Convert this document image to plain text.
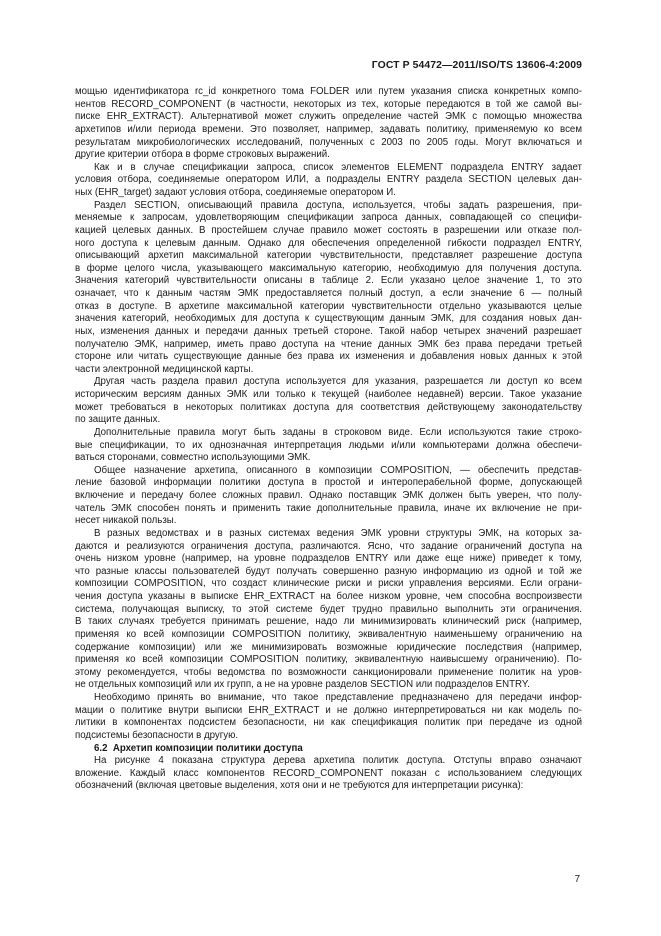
ГОСТ Р 54472—2011/ISO/TS 13606-4:2009
мощью идентификатора rc_id конкретного тома FOLDER или путем указания списка конкретных компо-
нентов RECORD_COMPONENT (в частности, некоторых из тех, которые передаются в той же самой вы-
писке EHR_EXTRACT). Альтернативой может служить определение частей ЭМК с помощью множества
архетипов и/или периода времени. Это позволяет, например, задавать политику, применяемую ко всем
результатам микробиологических исследований, полученных с 2003 по 2005 годы. Могут включаться и
другие критерии отбора в форме строковых выражений.
Как и в случае спецификации запроса, список элементов ELEMENT подраздела ENTRY задает
условия отбора, соединяемые оператором ИЛИ, а подразделы ENTRY раздела SECTION целевых дан-
ных (EHR_target) задают условия отбора, соединяемые оператором И.
Раздел SECTION, описывающий правила доступа, используется, чтобы задать разрешения, при-
меняемые к запросам, удовлетворяющим спецификации запроса данных, совпадающей со специфи-
кацией целевых данных. В простейшем случае правило может состоять в разрешении или отказе пол-
ного доступа к целевым данным. Однако для обеспечения определенной гибкости подраздел ENTRY,
описывающий архетип максимальной категории чувствительности, представляет разрешение доступа
в форме целого числа, указывающего максимальную категорию, необходимую для получения доступа.
Значения категорий чувствительности описаны в таблице 2. Если указано целое значение 1, то это
означает, что к данным частям ЭМК предоставляется полный доступ, а если значение 6 — полный
отказ в доступе. В архетипе максимальной категории чувствительности отдельно указываются целые
значения категорий, необходимых для доступа к существующим данным ЭМК, для создания новых дан-
ных, изменения данных и передачи данных третьей стороне. Такой набор четырех значений разрешает
получателю ЭМК, например, иметь право доступа на чтение данных ЭМК без права передачи третьей
стороне или читать существующие данные без права их изменения и добавления новых данных к этой
части электронной медицинской карты.
Другая часть раздела правил доступа используется для указания, разрешается ли доступ ко всем
историческим версиям данных ЭМК или только к текущей (наиболее недавней) версии. Такое указание
может требоваться в некоторых политиках доступа для соответствия действующему законодательству
по защите данных.
Дополнительные правила могут быть заданы в строковом виде. Если используются такие строко-
вые спецификации, то их однозначная интерпретация людьми и/или компьютерами должна обеспечи-
ваться сторонами, совместно использующими ЭМК.
Общее назначение архетипа, описанного в композиции COMPOSITION, — обеспечить представ-
ление базовой информации политики доступа в простой и интероперабельной форме, допускающей
включение и передачу более сложных правил. Однако поставщик ЭМК должен быть уверен, что полу-
чатель ЭМК способен понять и применить такие дополнительные правила, иначе их включение не при-
несет никакой пользы.
В разных ведомствах и в разных системах ведения ЭМК уровни структуры ЭМК, на которых за-
даются и реализуются ограничения доступа, различаются. Ясно, что задание ограничений доступа на
очень низком уровне (например, на уровне подразделов ENTRY или даже еще ниже) приведет к тому,
что разные классы пользователей будут получать совершенно разную информацию из одной и той же
композиции COMPOSITION, что создаст клинические риски и риски управления версиями. Если ограни-
чения доступа указаны в выписке EHR_EXTRACT на более низком уровне, чем способна воспроизвести
система, получающая выписку, то этой системе будет трудно правильно выполнить эти ограничения.
В таких случаях требуется принимать решение, надо ли минимизировать клинический риск (например,
применяя ко всей композиции COMPOSITION политику, эквивалентную наименьшему ограничению на
содержание композиции) или же минимизировать возможные юридические последствия (например,
применяя ко всей композиции COMPOSITION политику, эквивалентную наивысшему ограничению). По-
этому рекомендуется, чтобы ведомства по возможности санкционировали применение политик на уров-
не отдельных композиций или их групп, а не на уровне разделов SECTION или подразделов ENTRY.
Необходимо принять во внимание, что такое представление предназначено для передачи инфор-
мации о политике внутри выписки EHR_EXTRACT и не должно интерпретироваться ни как модель по-
литики в компонентах подсистем безопасности, ни как спецификация политик при передаче из одной
подсистемы безопасности в другую.
6.2 Архетип композиции политики доступа
На рисунке 4 показана структура дерева архетипа политик доступа. Отступы вправо означают
вложение. Каждый класс компонентов RECORD_COMPONENT показан с использованием следующих
обозначений (включая цветовые выделения, хотя они и не требуются для интерпретации рисунка):
7
